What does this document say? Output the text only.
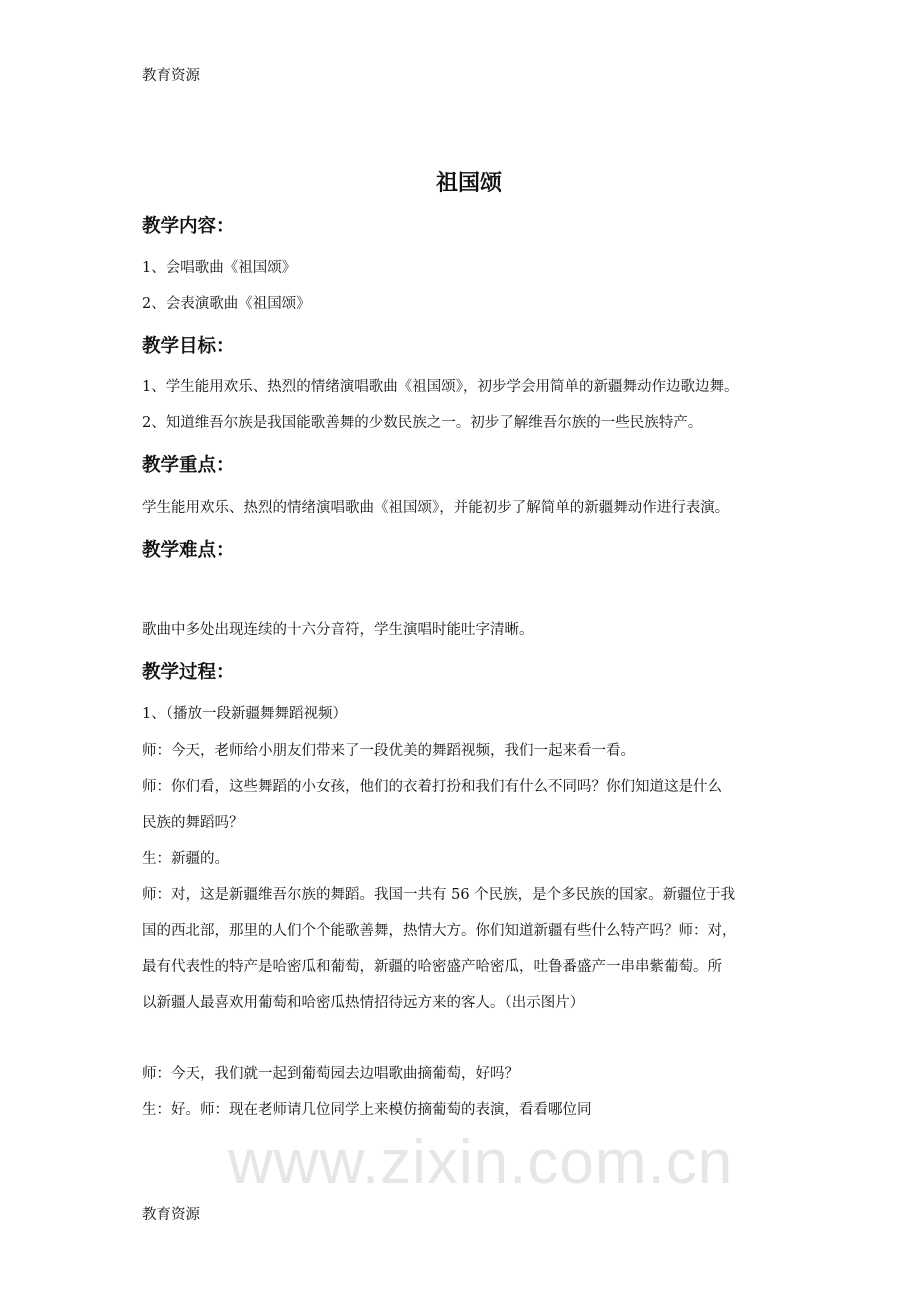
www.zixin.com.cn
教育资源
祖国颂
教学内容：
1、会唱歌曲《祖国颂》
2、会表演歌曲《祖国颂》
教学目标：
1、学生能用欢乐、热烈的情绪演唱歌曲《祖国颂》，初步学会用简单的新疆舞动作边歌边舞。
2、知道维吾尔族是我国能歌善舞的少数民族之一。初步了解维吾尔族的一些民族特产。
教学重点：
学生能用欢乐、热烈的情绪演唱歌曲《祖国颂》，并能初步了解简单的新疆舞动作进行表演。
教学难点：
歌曲中多处出现连续的十六分音符，学生演唱时能吐字清晰。
教学过程：
1、（播放一段新疆舞舞蹈视频）
师：今天，老师给小朋友们带来了一段优美的舞蹈视频，我们一起来看一看。
师：你们看，这些舞蹈的小女孩，他们的衣着打扮和我们有什么不同吗？你们知道这是什么
民族的舞蹈吗？
生：新疆的。
师：对，这是新疆维吾尔族的舞蹈。我国一共有 56 个民族，是个多民族的国家。新疆位于我
国的西北部，那里的人们个个能歌善舞，热情大方。你们知道新疆有些什么特产吗？师：对，
最有代表性的特产是哈密瓜和葡萄，新疆的哈密盛产哈密瓜，吐鲁番盛产一串串紫葡萄。所
以新疆人最喜欢用葡萄和哈密瓜热情招待远方来的客人。（出示图片）
师：今天，我们就一起到葡萄园去边唱歌曲摘葡萄，好吗？
生：好。师：现在老师请几位同学上来模仿摘葡萄的表演，看看哪位同
教育资源
